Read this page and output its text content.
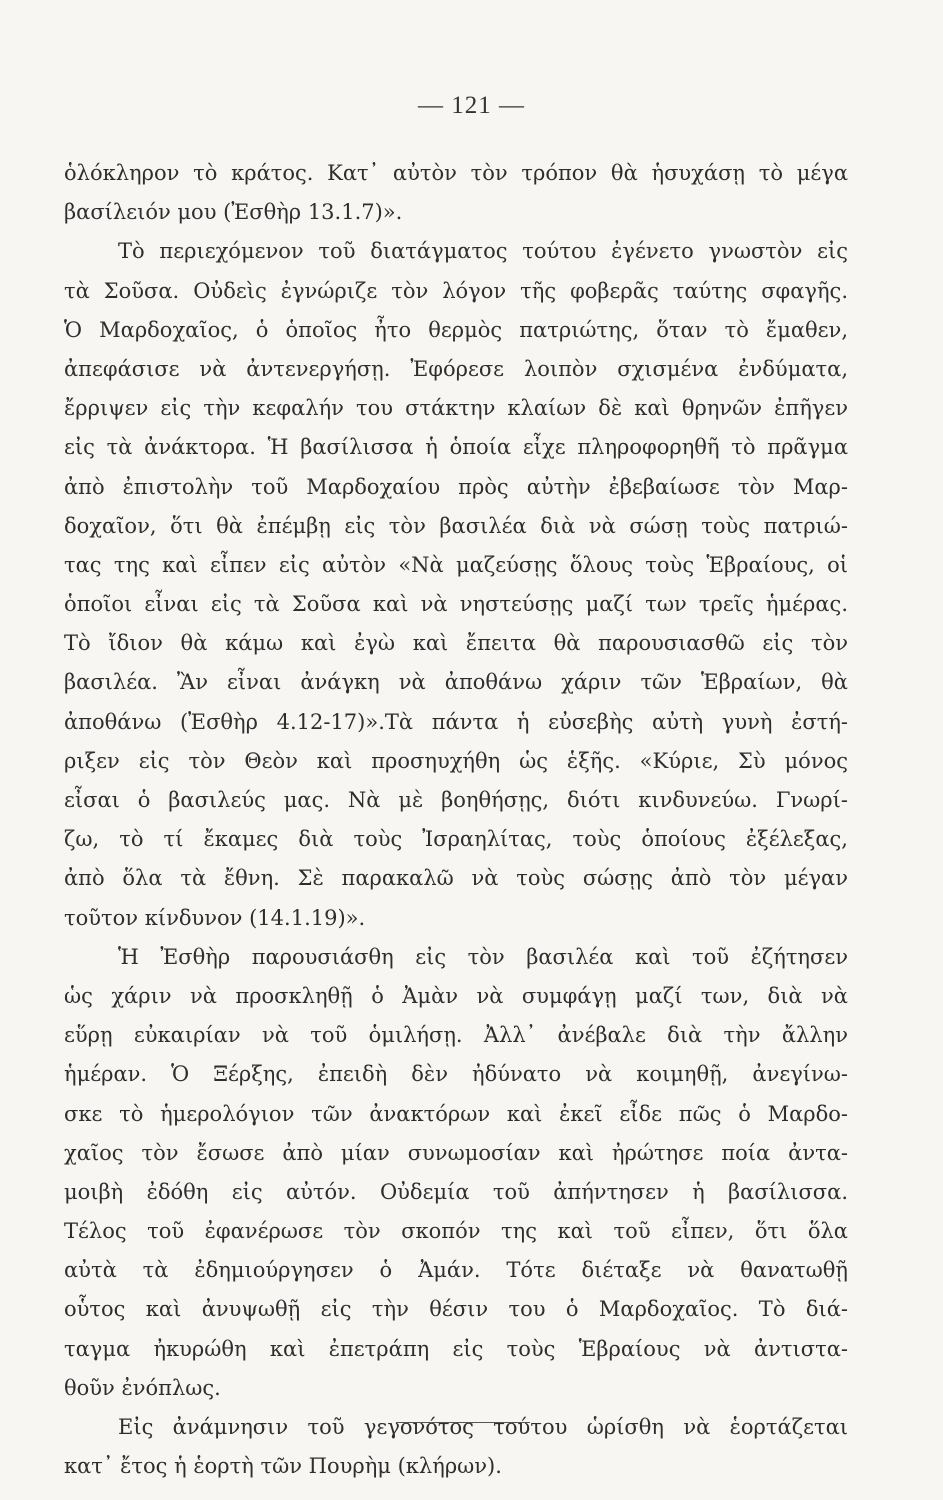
— 121 —
ὁλόκληρον τὸ κράτος. Κατ᾽ αὐτὸν τὸν τρόπον θὰ ἡσυχάσῃ τὸ μέγα
βασίλειόν μου (Ἐσθὴρ 13.1.7)».
Τὸ περιεχόμενον τοῦ διατάγματος τούτου ἐγένετο γνωστὸν εἰς
τὰ Σοῦσα. Οὐδεὶς ἐγνώριζε τὸν λόγον τῆς φοβερᾶς ταύτης σφαγῆς.
Ὁ Μαρδοχαῖος, ὁ ὁποῖος ἦτο θερμὸς πατριώτης, ὅταν τὸ ἔμαθεν,
ἀπεφάσισε νὰ ἀντενεργήσῃ. Ἐφόρεσε λοιπὸν σχισμένα ἐνδύματα,
ἔρριψεν εἰς τὴν κεφαλήν του στάκτην κλαίων δὲ καὶ θρηνῶν ἐπῆγεν
εἰς τὰ ἀνάκτορα. Ἡ βασίλισσα ἡ ὁποία εἶχε πληροφορηθῆ τὸ πρᾶγμα
ἀπὸ ἐπιστολὴν τοῦ Μαρδοχαίου πρὸς αὐτὴν ἐβεβαίωσε τὸν Μαρ-
δοχαῖον, ὅτι θὰ ἐπέμβῃ εἰς τὸν βασιλέα διὰ νὰ σώσῃ τοὺς πατριώ-
τας της καὶ εἶπεν εἰς αὐτὸν «Νὰ μαζεύσῃς ὅλους τοὺς Ἑβραίους, οἱ
ὁποῖοι εἶναι εἰς τὰ Σοῦσα καὶ νὰ νηστεύσῃς μαζί των τρεῖς ἡμέρας.
Τὸ ἴδιον θὰ κάμω καὶ ἐγὼ καὶ ἔπειτα θὰ παρουσιασθῶ εἰς τὸν
βασιλέα. Ἂν εἶναι ἀνάγκη νὰ ἀποθάνω χάριν τῶν Ἑβραίων, θὰ
ἀποθάνω (Ἐσθὴρ 4.12-17)».Τὰ πάντα ἡ εὐσεβὴς αὐτὴ γυνὴ ἐστή-
ριξεν εἰς τὸν Θεὸν καὶ προσηυχήθη ὡς ἑξῆς. «Κύριε, Σὺ μόνος
εἶσαι ὁ βασιλεύς μας. Νὰ μὲ βοηθήσῃς, διότι κινδυνεύω. Γνωρί-
ζω, τὸ τί ἔκαμες διὰ τοὺς Ἰσραηλίτας, τοὺς ὁποίους ἐξέλεξας,
ἀπὸ ὅλα τὰ ἔθνη. Σὲ παρακαλῶ νὰ τοὺς σώσῃς ἀπὸ τὸν μέγαν
τοῦτον κίνδυνον (14.1.19)».
Ἡ Ἐσθὴρ παρουσιάσθη εἰς τὸν βασιλέα καὶ τοῦ ἐζήτησεν
ὡς χάριν νὰ προσκληθῇ ὁ Ἀμὰν νὰ συμφάγῃ μαζί των, διὰ νὰ
εὕρῃ εὐκαιρίαν νὰ τοῦ ὁμιλήσῃ. Ἀλλ᾽ ἀνέβαλε διὰ τὴν ἄλλην
ἡμέραν. Ὁ Ξέρξης, ἐπειδὴ δὲν ἠδύνατο νὰ κοιμηθῇ, ἀνεγίνω-
σκε τὸ ἡμερολόγιον τῶν ἀνακτόρων καὶ ἐκεῖ εἶδε πῶς ὁ Μαρδο-
χαῖος τὸν ἔσωσε ἀπὸ μίαν συνωμοσίαν καὶ ἠρώτησε ποία ἀντα-
μοιβὴ ἐδόθη εἰς αὐτόν. Οὐδεμία τοῦ ἀπήντησεν ἡ βασίλισσα.
Τέλος τοῦ ἐφανέρωσε τὸν σκοπόν της καὶ τοῦ εἶπεν, ὅτι ὅλα
αὐτὰ τὰ ἐδημιούργησεν ὁ Ἀμάν. Τότε διέταξε νὰ θανατωθῇ
οὗτος καὶ ἀνυψωθῇ εἰς τὴν θέσιν του ὁ Μαρδοχαῖος. Τὸ διά-
ταγμα ἠκυρώθη καὶ ἐπετράπη εἰς τοὺς Ἑβραίους νὰ ἀντιστα-
θοῦν ἐνόπλως.
Εἰς ἀνάμνησιν τοῦ γεγονότος τούτου ὡρίσθη νὰ ἑορτάζεται
κατ᾽ ἔτος ἡ ἑορτὴ τῶν Πουρὴμ (κλήρων).
